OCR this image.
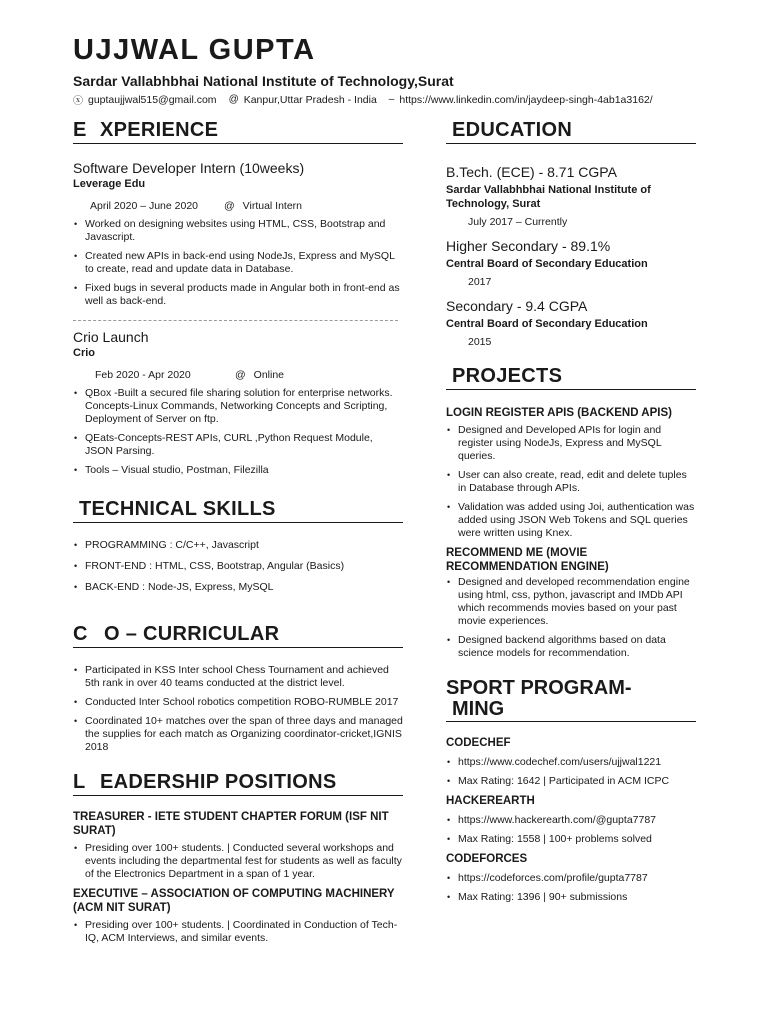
UJJWAL GUPTA
Sardar Vallabhbhai National Institute of Technology,Surat
ⓧ guptaujjwal515@gmail.com @ Kanpur,Uttar Pradesh - India ‒ https://www.linkedin.com/in/jaydeep-singh-4ab1a3162/
E XPERIENCE
Software Developer Intern (10weeks)
Leverage Edu
April 2020 – June 2020	@ Virtual Intern
• Worked on designing websites using HTML, CSS, Bootstrap and Javascript.
• Created new APIs in back-end using NodeJs, Express and MySQL to create, read and update data in Database.
• Fixed bugs in several products made in Angular both in front-end as well as back-end.
Crio Launch
Crio
Feb 2020 - Apr 2020	@ Online
• QBox -Built a secured file sharing solution for enterprise networks. Concepts-Linux Commands, Networking Concepts and Scripting, Deployment of Server on ftp.
• QEats-Concepts-REST APIs, CURL ,Python Request Module, JSON Parsing.
• Tools – Visual studio, Postman, Filezilla
TECHNICAL SKILLS
• PROGRAMMING : C/C++, Javascript
• FRONT-END : HTML, CSS, Bootstrap, Angular (Basics)
• BACK-END : Node-JS, Express, MySQL
C O – CURRICULAR
• Participated in KSS Inter school Chess Tournament and achieved 5th rank in over 40 teams conducted at the district level.
• Conducted Inter School robotics competition ROBO-RUMBLE 2017
• Coordinated 10+ matches over the span of three days and managed the supplies for each match as Organizing coordinator-cricket,IGNIS 2018
L EADERSHIP POSITIONS
TREASURER - IETE STUDENT CHAPTER FORUM (ISF NIT SURAT)
• Presiding over 100+ students. | Conducted several workshops and events including the departmental fest for students as well as faculty of the Electronics Department in a span of 1 year.
EXECUTIVE – ASSOCIATION OF COMPUTING MACHINERY (ACM NIT SURAT)
• Presiding over 100+ students. | Coordinated in Conduction of Tech-IQ, ACM Interviews, and similar events.
EDUCATION
B.Tech. (ECE) - 8.71 CGPA
Sardar Vallabhbhai National Institute of Technology, Surat
July 2017 – Currently
Higher Secondary - 89.1%
Central Board of Secondary Education
2017
Secondary - 9.4 CGPA
Central Board of Secondary Education
2015
PROJECTS
LOGIN REGISTER APIS (BACKEND APIS)
• Designed and Developed APIs for login and register using NodeJs, Express and MySQL queries.
• User can also create, read, edit and delete tuples in Database through APIs.
• Validation was added using Joi, authentication was added using JSON Web Tokens and SQL queries were written using Knex.
RECOMMEND ME (MOVIE RECOMMENDATION ENGINE)
• Designed and developed recommendation engine using html, css, python, javascript and IMDb API which recommends movies based on your past movie experiences.
• Designed backend algorithms based on data science models for recommendation.
SPORT PROGRAM-
MING
CODECHEF
• https://www.codechef.com/users/ujjwal1221
• Max Rating: 1642 | Participated in ACM ICPC
HACKEREARTH
• https://www.hackerearth.com/@gupta7787
• Max Rating: 1558 | 100+ problems solved
CODEFORCES
• https://codeforces.com/profile/gupta7787
• Max Rating: 1396 | 90+ submissions
